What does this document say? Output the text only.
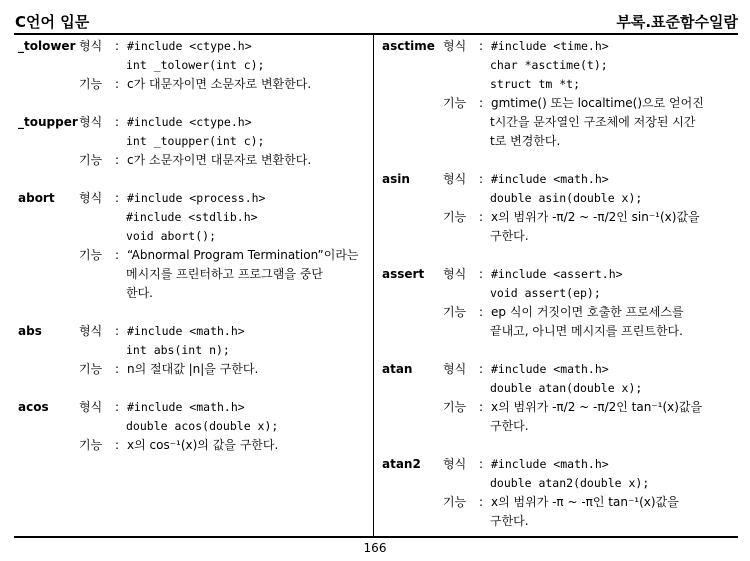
C언어 입문	부록.표준함수일람
_tolower 형식 : #include <ctype.h>
int _tolower(int c);
기능 : c가 대문자이면 소문자로 변환한다.
_toupper 형식 : #include <ctype.h>
int _toupper(int c);
기능 : c가 소문자이면 대문자로 변환한다.
abort 형식 : #include <process.h>
#include <stdlib.h>
void abort();
기능 : “Abnormal Program Termination”이라는
메시지를 프린터하고 프로그램을 중단
한다.
abs	형식 : #include <math.h>
int abs(int n);
기능 : n의 절대값 |n|을 구한다.
acos	형식 : #include <math.h>
double acos(double x);
기능 : x의 cos⁻¹(x)의 값을 구한다.
asctime 형식 : #include <time.h>
char *asctime(t);
struct tm *t;
기능 : gmtime() 또는 localtime()으로 얻어진
t시간을 문자열인 구조체에 저장된 시간
t로 변경한다.
asin	형식 : #include <math.h>
double asin(double x);
기능 : x의 범위가 -π/2 ~ -π/2인 sin⁻¹(x)값을
구한다.
assert 형식 : #include <assert.h>
void assert(ep);
기능 : ep 식이 거짓이면 호출한 프로세스를
끝내고, 아니면 메시지를 프린트한다.
atan	형식 : #include <math.h>
double atan(double x);
기능 : x의 범위가 -π/2 ~ -π/2인 tan⁻¹(x)값을
구한다.
atan2 형식 : #include <math.h>
double atan2(double x);
기능 : x의 범위가 -π ~ -π인 tan⁻¹(x)값을
구한다.
166
